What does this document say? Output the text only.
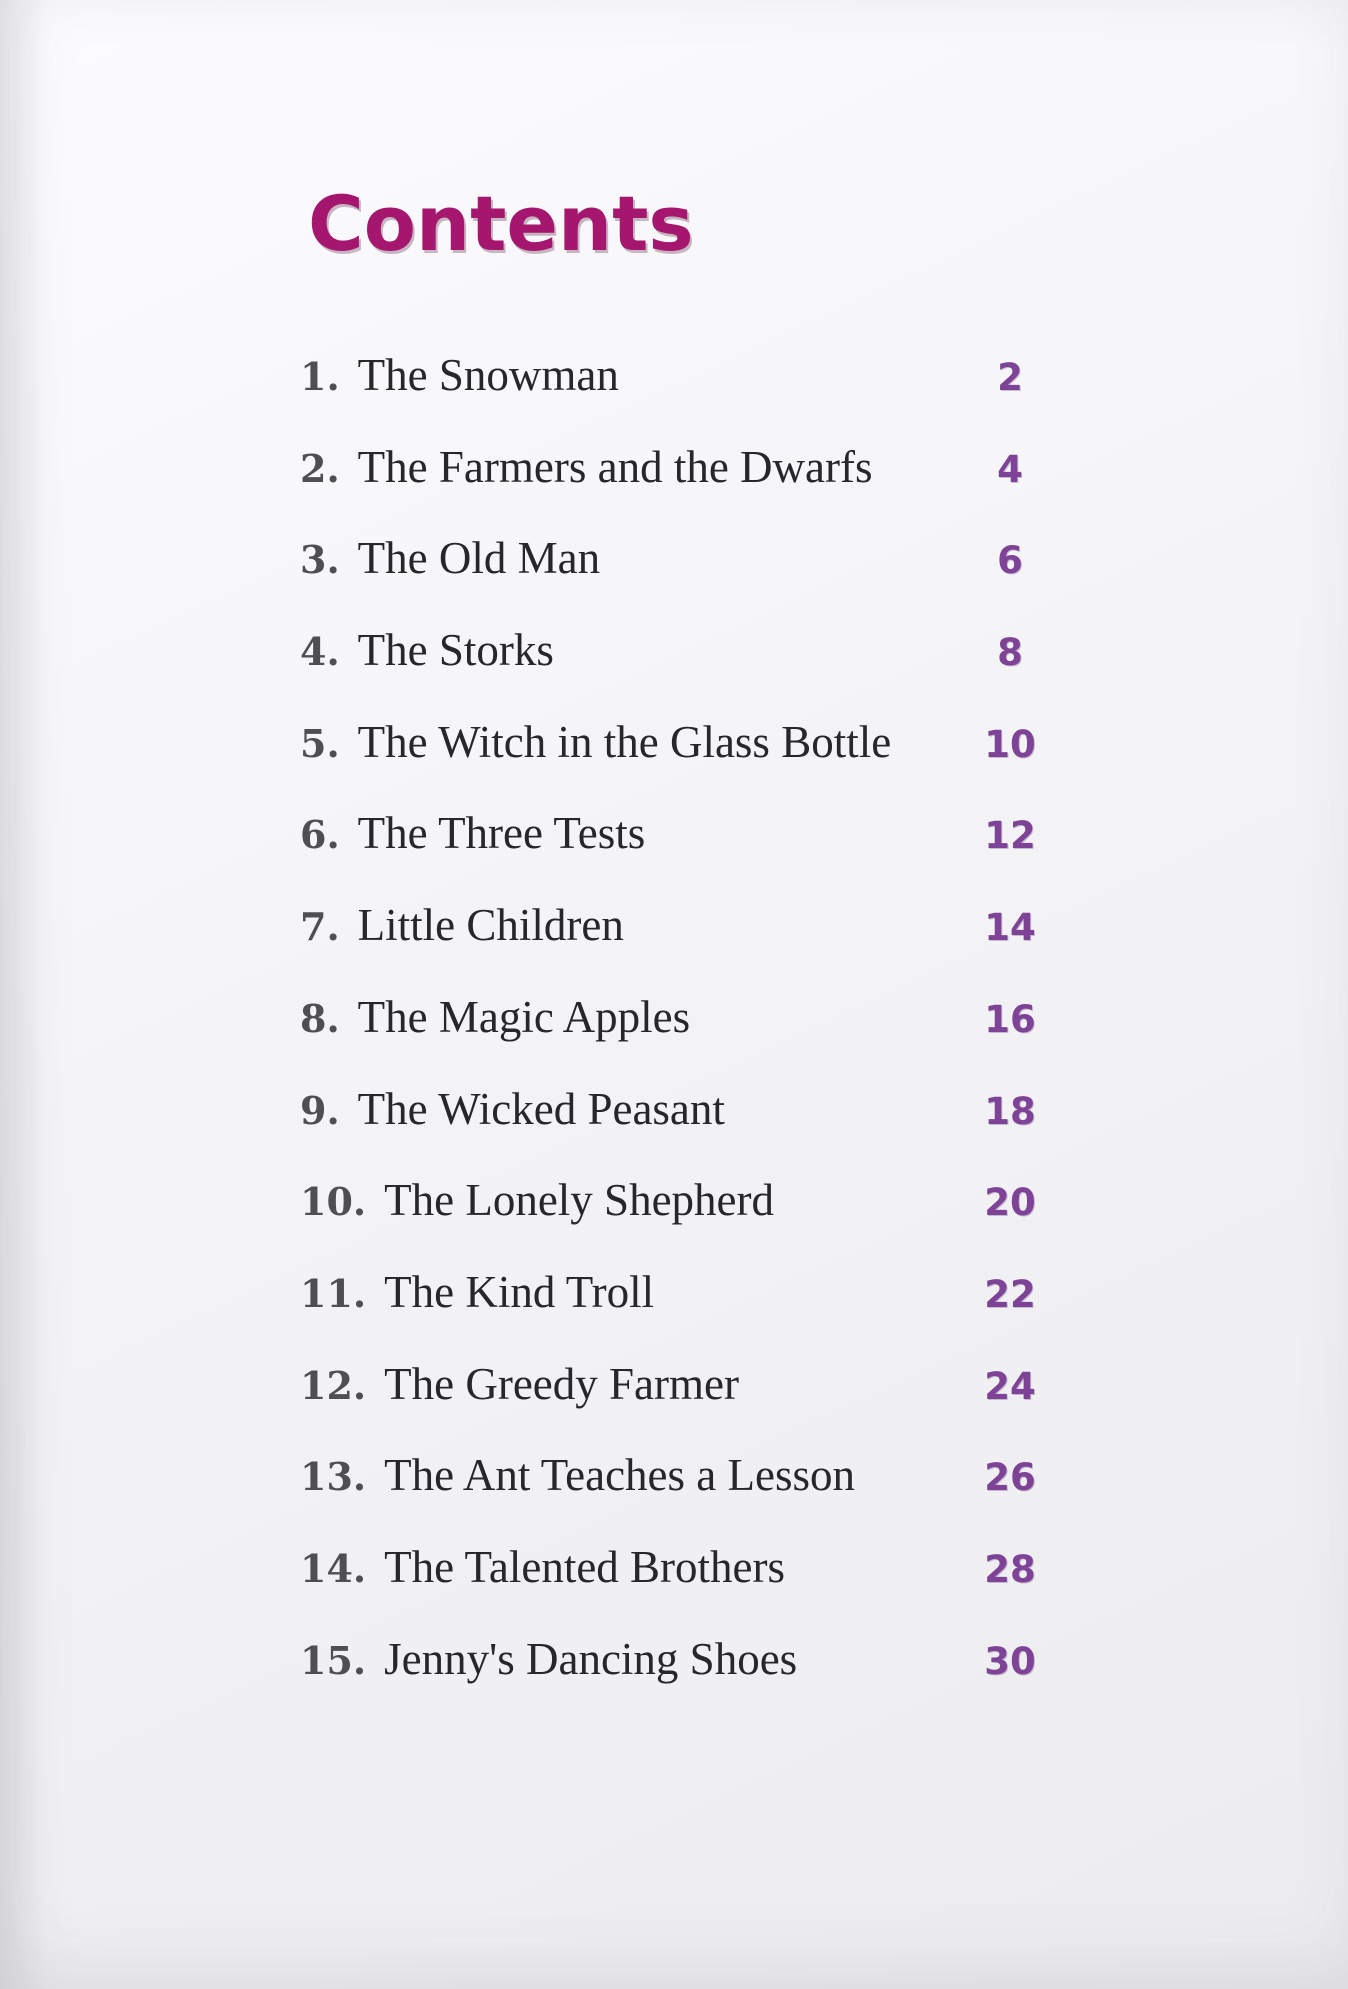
Contents
1. The Snowman	2
2. The Farmers and the Dwarfs	4
3. The Old Man	6
4. The Storks	8
5. The Witch in the Glass Bottle	10
6. The Three Tests	12
7. Little Children	14
8. The Magic Apples	16
9. The Wicked Peasant	18
10. The Lonely Shepherd	20
11. The Kind Troll	22
12. The Greedy Farmer	24
13. The Ant Teaches a Lesson	26
14. The Talented Brothers	28
15. Jenny's Dancing Shoes	30
